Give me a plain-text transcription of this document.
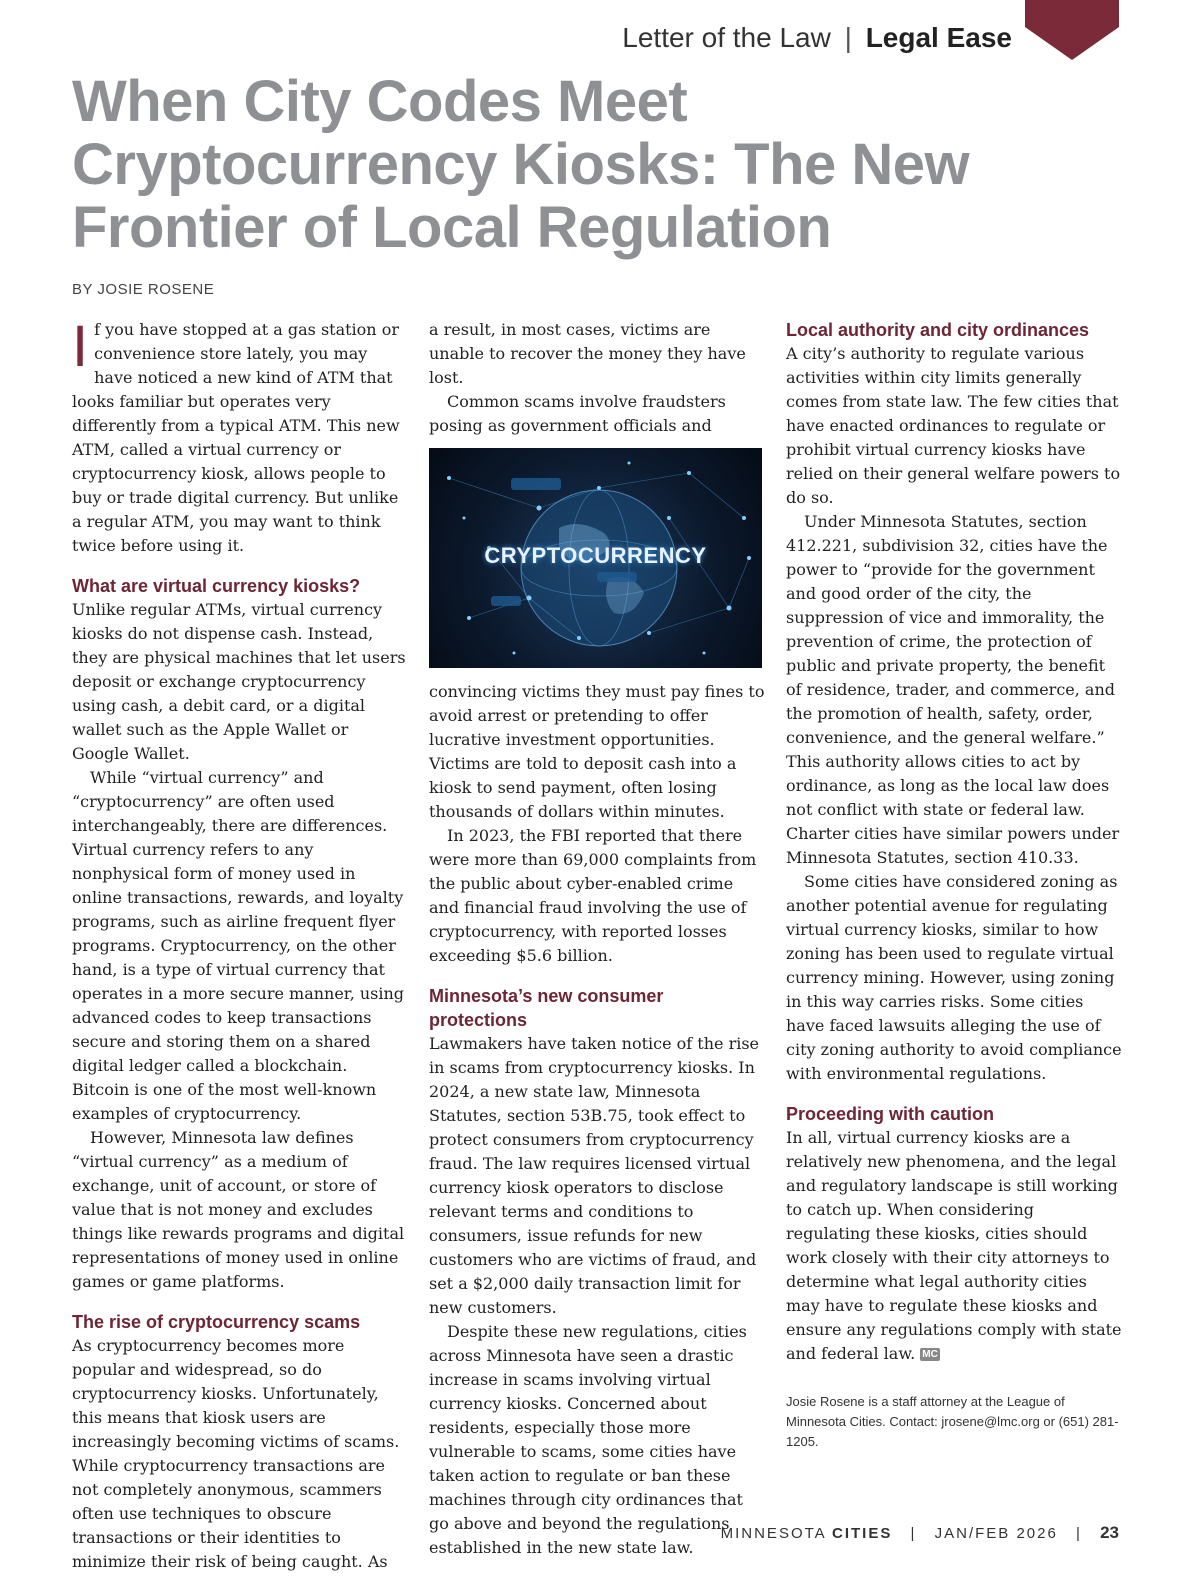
Letter of the Law | Legal Ease
When City Codes Meet Cryptocurrency Kiosks: The New Frontier of Local Regulation
BY JOSIE ROSENE

If you have stopped at a gas station or convenience store lately, you may have noticed a new kind of ATM that looks familiar but operates very differently from a typical ATM. This new ATM, called a virtual currency or cryptocurrency kiosk, allows people to buy or trade digital currency. But unlike a regular ATM, you may want to think twice before using it.

What are virtual currency kiosks?

Unlike regular ATMs, virtual currency kiosks do not dispense cash. Instead, they are physical machines that let users deposit or exchange cryptocurrency using cash, a debit card, or a digital wallet such as the Apple Wallet or Google Wallet.

While “virtual currency” and “cryptocurrency” are often used interchangeably, there are differences. Virtual currency refers to any nonphysical form of money used in online transactions, rewards, and loyalty programs, such as airline frequent flyer programs. Cryptocurrency, on the other hand, is a type of virtual currency that operates in a more secure manner, using advanced codes to keep transactions secure and storing them on a shared digital ledger called a blockchain. Bitcoin is one of the most well-known examples of cryptocurrency.

However, Minnesota law defines “virtual currency” as a medium of exchange, unit of account, or store of value that is not money and excludes things like rewards programs and digital representations of money used in online games or game platforms.

The rise of cryptocurrency scams

As cryptocurrency becomes more popular and widespread, so do cryptocurrency kiosks. Unfortunately, this means that kiosk users are increasingly becoming victims of scams. While cryptocurrency transactions are not completely anonymous, scammers often use techniques to obscure transactions or their identities to minimize their risk of being caught. As

a result, in most cases, victims are unable to recover the money they have lost.

Common scams involve fraudsters posing as government officials and

CRYPTOCURRENCY

convincing victims they must pay fines to avoid arrest or pretending to offer lucrative investment opportunities. Victims are told to deposit cash into a kiosk to send payment, often losing thousands of dollars within minutes.

In 2023, the FBI reported that there were more than 69,000 complaints from the public about cyber-enabled crime and financial fraud involving the use of cryptocurrency, with reported losses exceeding $5.6 billion.

Minnesota’s new consumer protections

Lawmakers have taken notice of the rise in scams from cryptocurrency kiosks. In 2024, a new state law, Minnesota Statutes, section 53B.75, took effect to protect consumers from cryptocurrency fraud. The law requires licensed virtual currency kiosk operators to disclose relevant terms and conditions to consumers, issue refunds for new customers who are victims of fraud, and set a $2,000 daily transaction limit for new customers.

Despite these new regulations, cities across Minnesota have seen a drastic increase in scams involving virtual currency kiosks. Concerned about residents, especially those more vulnerable to scams, some cities have taken action to regulate or ban these machines through city ordinances that go above and beyond the regulations established in the new state law.

Local authority and city ordinances

A city’s authority to regulate various activities within city limits generally comes from state law. The few cities that have enacted ordinances to regulate or prohibit virtual currency kiosks have relied on their general welfare powers to do so.

Under Minnesota Statutes, section 412.221, subdivision 32, cities have the power to “provide for the government and good order of the city, the suppression of vice and immorality, the prevention of crime, the protection of public and private property, the benefit of residence, trader, and commerce, and the promotion of health, safety, order, convenience, and the general welfare.” This authority allows cities to act by ordinance, as long as the local law does not conflict with state or federal law. Charter cities have similar powers under Minnesota Statutes, section 410.33.

Some cities have considered zoning as another potential avenue for regulating virtual currency kiosks, similar to how zoning has been used to regulate virtual currency mining. However, using zoning in this way carries risks. Some cities have faced lawsuits alleging the use of city zoning authority to avoid compliance with environmental regulations.

Proceeding with caution

In all, virtual currency kiosks are a relatively new phenomena, and the legal and regulatory landscape is still working to catch up. When considering regulating these kiosks, cities should work closely with their city attorneys to determine what legal authority cities may have to regulate these kiosks and ensure any regulations comply with state and federal law. MC

Josie Rosene is a staff attorney at the League of Minnesota Cities. Contact: jrosene@lmc.org or (651) 281-1205.
MINNESOTA CITIES | JAN/FEB 2026 | 23
